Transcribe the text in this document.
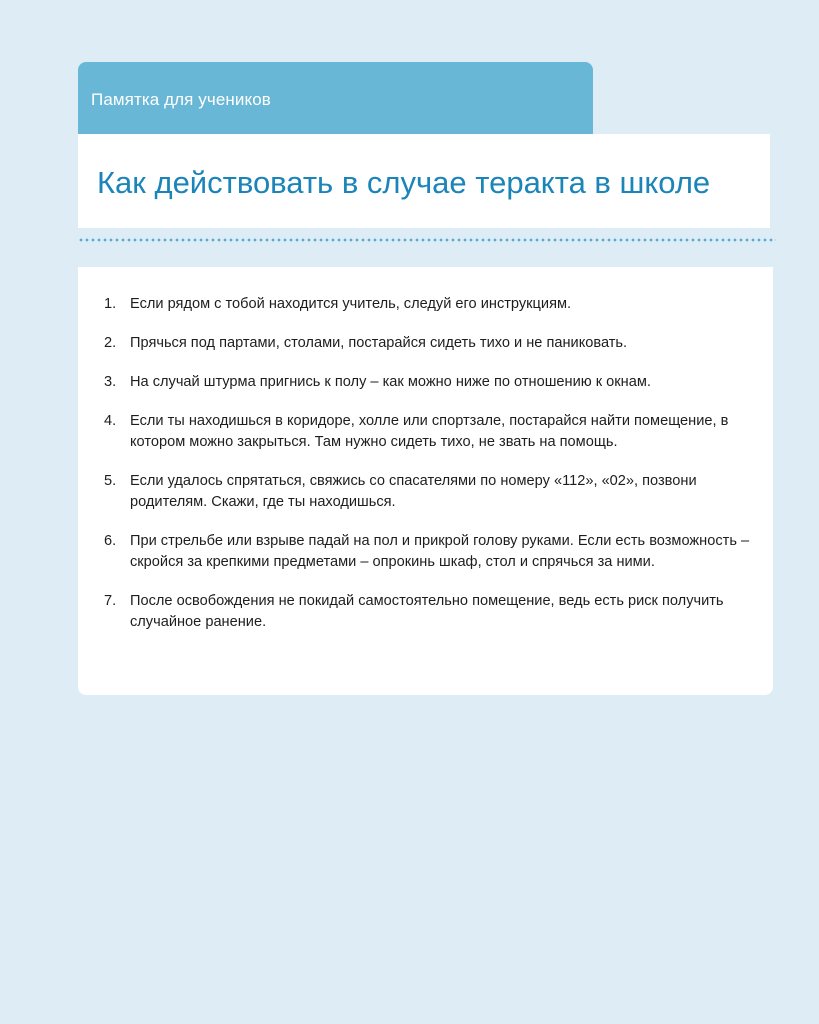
Памятка для учеников
Как действовать в случае теракта в школе
1. Если рядом с тобой находится учитель, следуй его инструкциям.
2. Прячься под партами, столами, постарайся сидеть тихо и не паниковать.
3. На случай штурма пригнись к полу – как можно ниже по отношению к окнам.
4. Если ты находишься в коридоре, холле или спортзале, постарайся найти помещение, в котором можно закрыться. Там нужно сидеть тихо, не звать на помощь.
5. Если удалось спрятаться, свяжись со спасателями по номеру «112», «02», позвони родителям. Скажи, где ты находишься.
6. При стрельбе или взрыве падай на пол и прикрой голову руками. Если есть возможность – скройся за крепкими предметами – опрокинь шкаф, стол и спрячься за ними.
7. После освобождения не покидай самостоятельно помещение, ведь есть риск получить случайное ранение.
